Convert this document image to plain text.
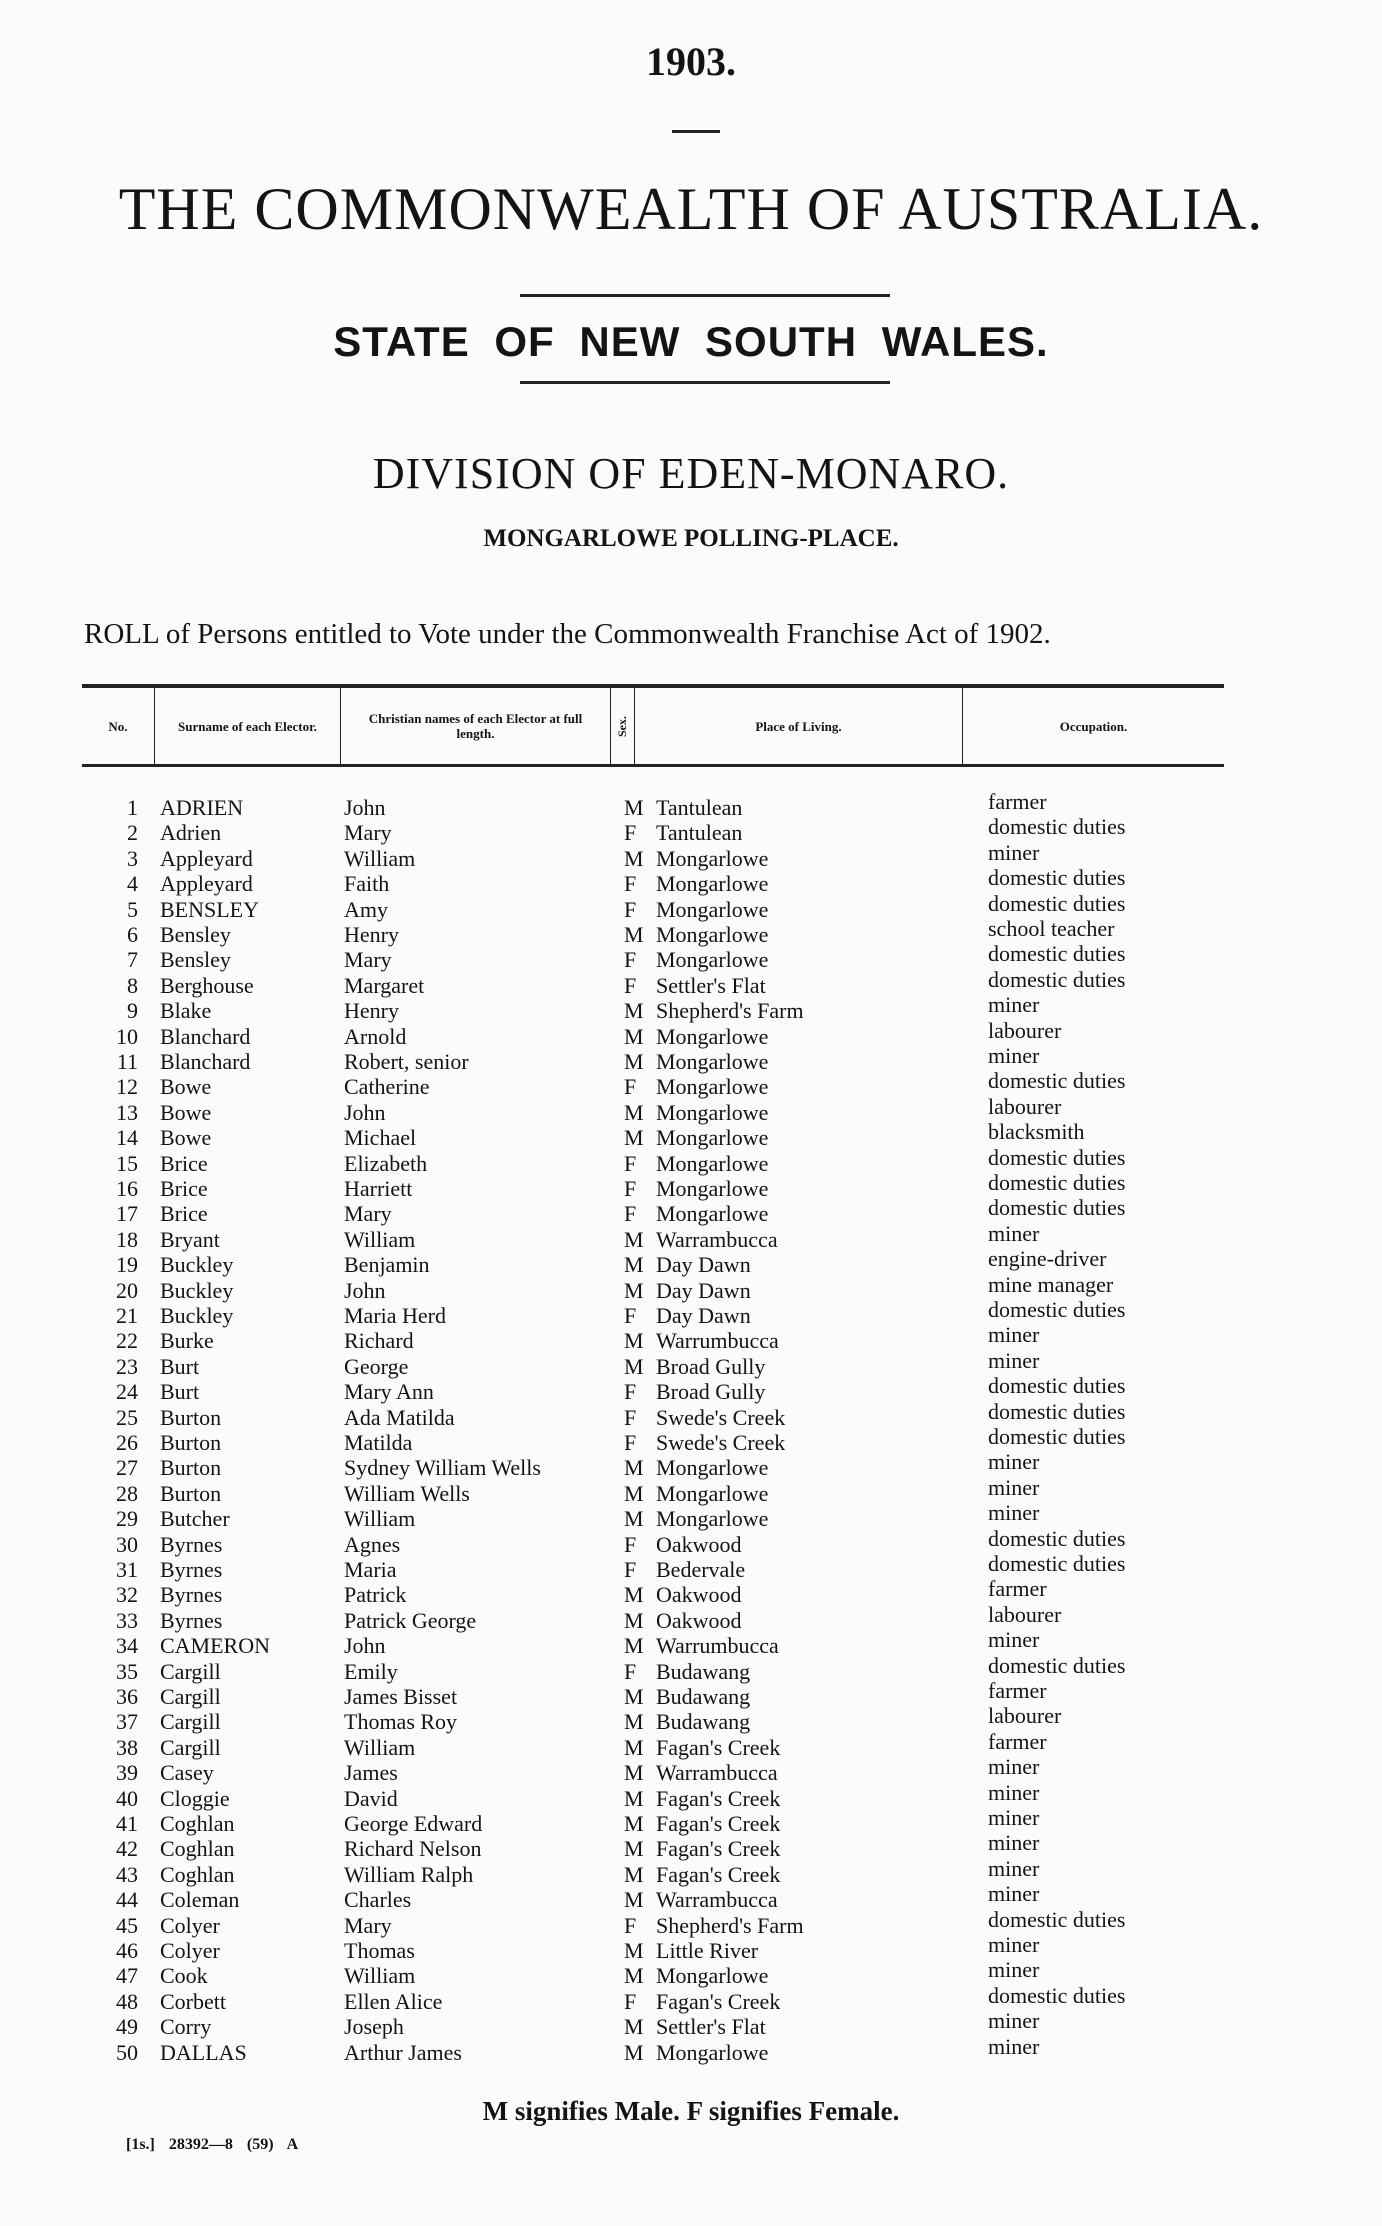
1903.
THE COMMONWEALTH OF AUSTRALIA.
STATE OF NEW SOUTH WALES.
DIVISION OF EDEN-MONARO.
MONGARLOWE POLLING-PLACE.
ROLL of Persons entitled to Vote under the Commonwealth Franchise Act of 1902.
No.	Surname of each Elector.	Christian names of each Elector at full length.	Sex.	Place of Living.	Occupation.
1 ADRIEN	John	M Tantulean	farmer
2 Adrien	Mary	F Tantulean	domestic duties
3 Appleyard	William	M Mongarlowe	miner
4 Appleyard	Faith	F Mongarlowe	domestic duties
5 BENSLEY	Amy	F Mongarlowe	domestic duties
6 Bensley	Henry	M Mongarlowe	school teacher
7 Bensley	Mary	F Mongarlowe	domestic duties
8 Berghouse	Margaret	F Settler's Flat	domestic duties
9 Blake	Henry	M Shepherd's Farm	miner
10 Blanchard	Arnold	M Mongarlowe	labourer
11 Blanchard	Robert, senior	M Mongarlowe	miner
12 Bowe	Catherine	F Mongarlowe	domestic duties
13 Bowe	John	M Mongarlowe	labourer
14 Bowe	Michael	M Mongarlowe	blacksmith
15 Brice	Elizabeth	F Mongarlowe	domestic duties
16 Brice	Harriett	F Mongarlowe	domestic duties
17 Brice	Mary	F Mongarlowe	domestic duties
18 Bryant	William	M Warrambucca	miner
19 Buckley	Benjamin	M Day Dawn	engine-driver
20 Buckley	John	M Day Dawn	mine manager
21 Buckley	Maria Herd	F Day Dawn	domestic duties
22 Burke	Richard	M Warrumbucca	miner
23 Burt	George	M Broad Gully	miner
24 Burt	Mary Ann	F Broad Gully	domestic duties
25 Burton	Ada Matilda	F Swede's Creek	domestic duties
26 Burton	Matilda	F Swede's Creek	domestic duties
27 Burton	Sydney William Wells	M Mongarlowe	miner
28 Burton	William Wells	M Mongarlowe	miner
29 Butcher	William	M Mongarlowe	miner
30 Byrnes	Agnes	F Oakwood	domestic duties
31 Byrnes	Maria	F Bedervale	domestic duties
32 Byrnes	Patrick	M Oakwood	farmer
33 Byrnes	Patrick George	M Oakwood	labourer
34 CAMERON	John	M Warrumbucca	miner
35 Cargill	Emily	F Budawang	domestic duties
36 Cargill	James Bisset	M Budawang	farmer
37 Cargill	Thomas Roy	M Budawang	labourer
38 Cargill	William	M Fagan's Creek	farmer
39 Casey	James	M Warrambucca	miner
40 Cloggie	David	M Fagan's Creek	miner
41 Coghlan	George Edward	M Fagan's Creek	miner
42 Coghlan	Richard Nelson	M Fagan's Creek	miner
43 Coghlan	William Ralph	M Fagan's Creek	miner
44 Coleman	Charles	M Warrambucca	miner
45 Colyer	Mary	F Shepherd's Farm	domestic duties
46 Colyer	Thomas	M Little River	miner
47 Cook	William	M Mongarlowe	miner
48 Corbett	Ellen Alice	F Fagan's Creek	domestic duties
49 Corry	Joseph	M Settler's Flat	miner
50 DALLAS	Arthur James	M Mongarlowe	miner
M signifies Male. F signifies Female.
[1s.] 28392—8 (59) A
